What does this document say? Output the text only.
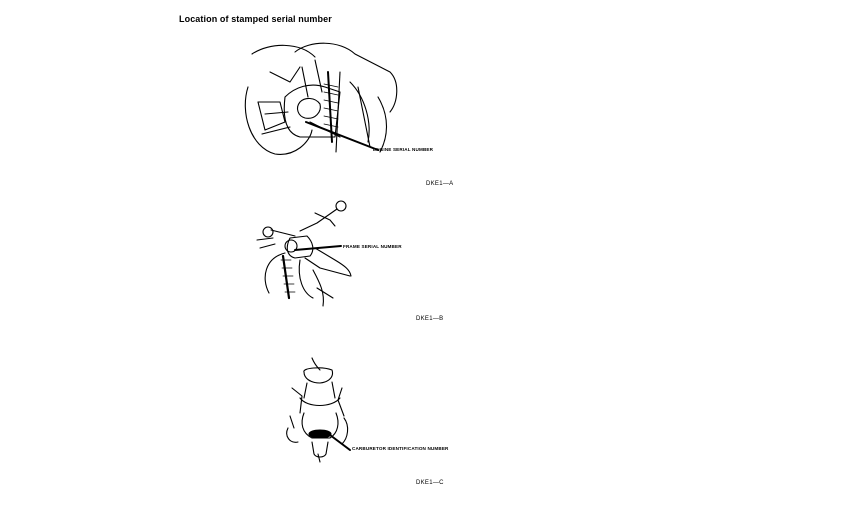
Location of stamped serial number
ENGINE SERIAL NUMBER
DKE1—A
FRAME SERIAL NUMBER
DKE1—B
CARBURETOR IDENTIFICATION NUMBER
DKE1—C
